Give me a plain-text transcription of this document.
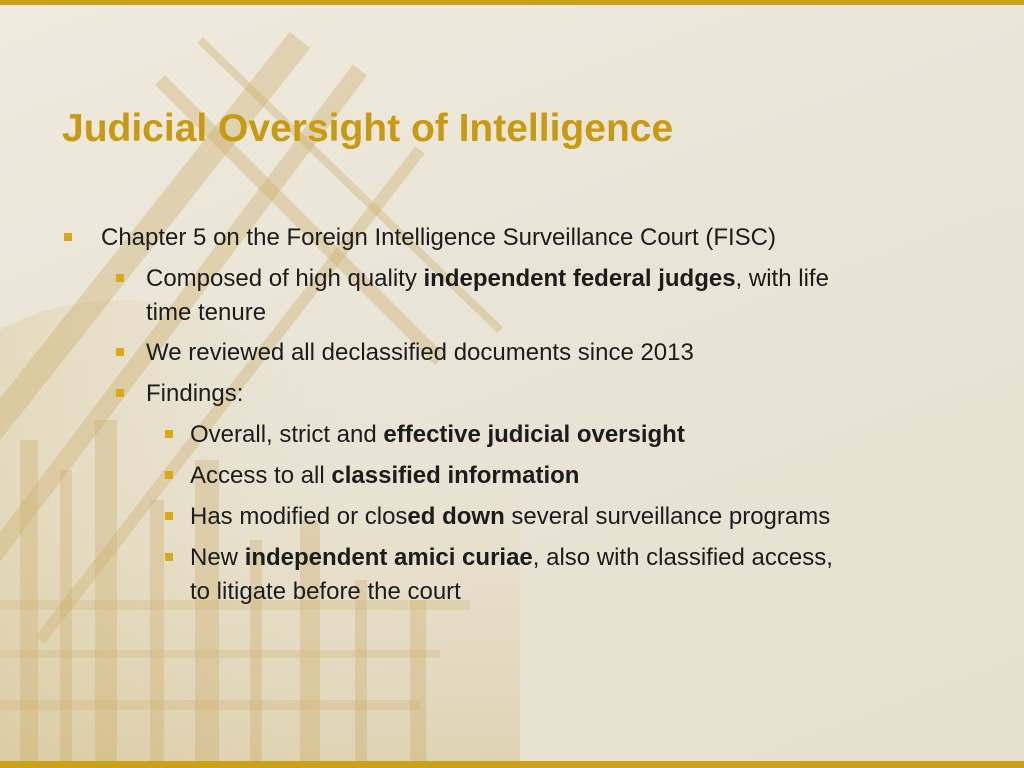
Judicial Oversight of Intelligence
Chapter 5 on the Foreign Intelligence Surveillance Court (FISC)
Composed of high quality independent federal judges, with life
time tenure
We reviewed all declassified documents since 2013
Findings:
Overall, strict and effective judicial oversight
Access to all classified information
Has modified or closed down several surveillance programs
New independent amici curiae, also with classified access,
to litigate before the court
